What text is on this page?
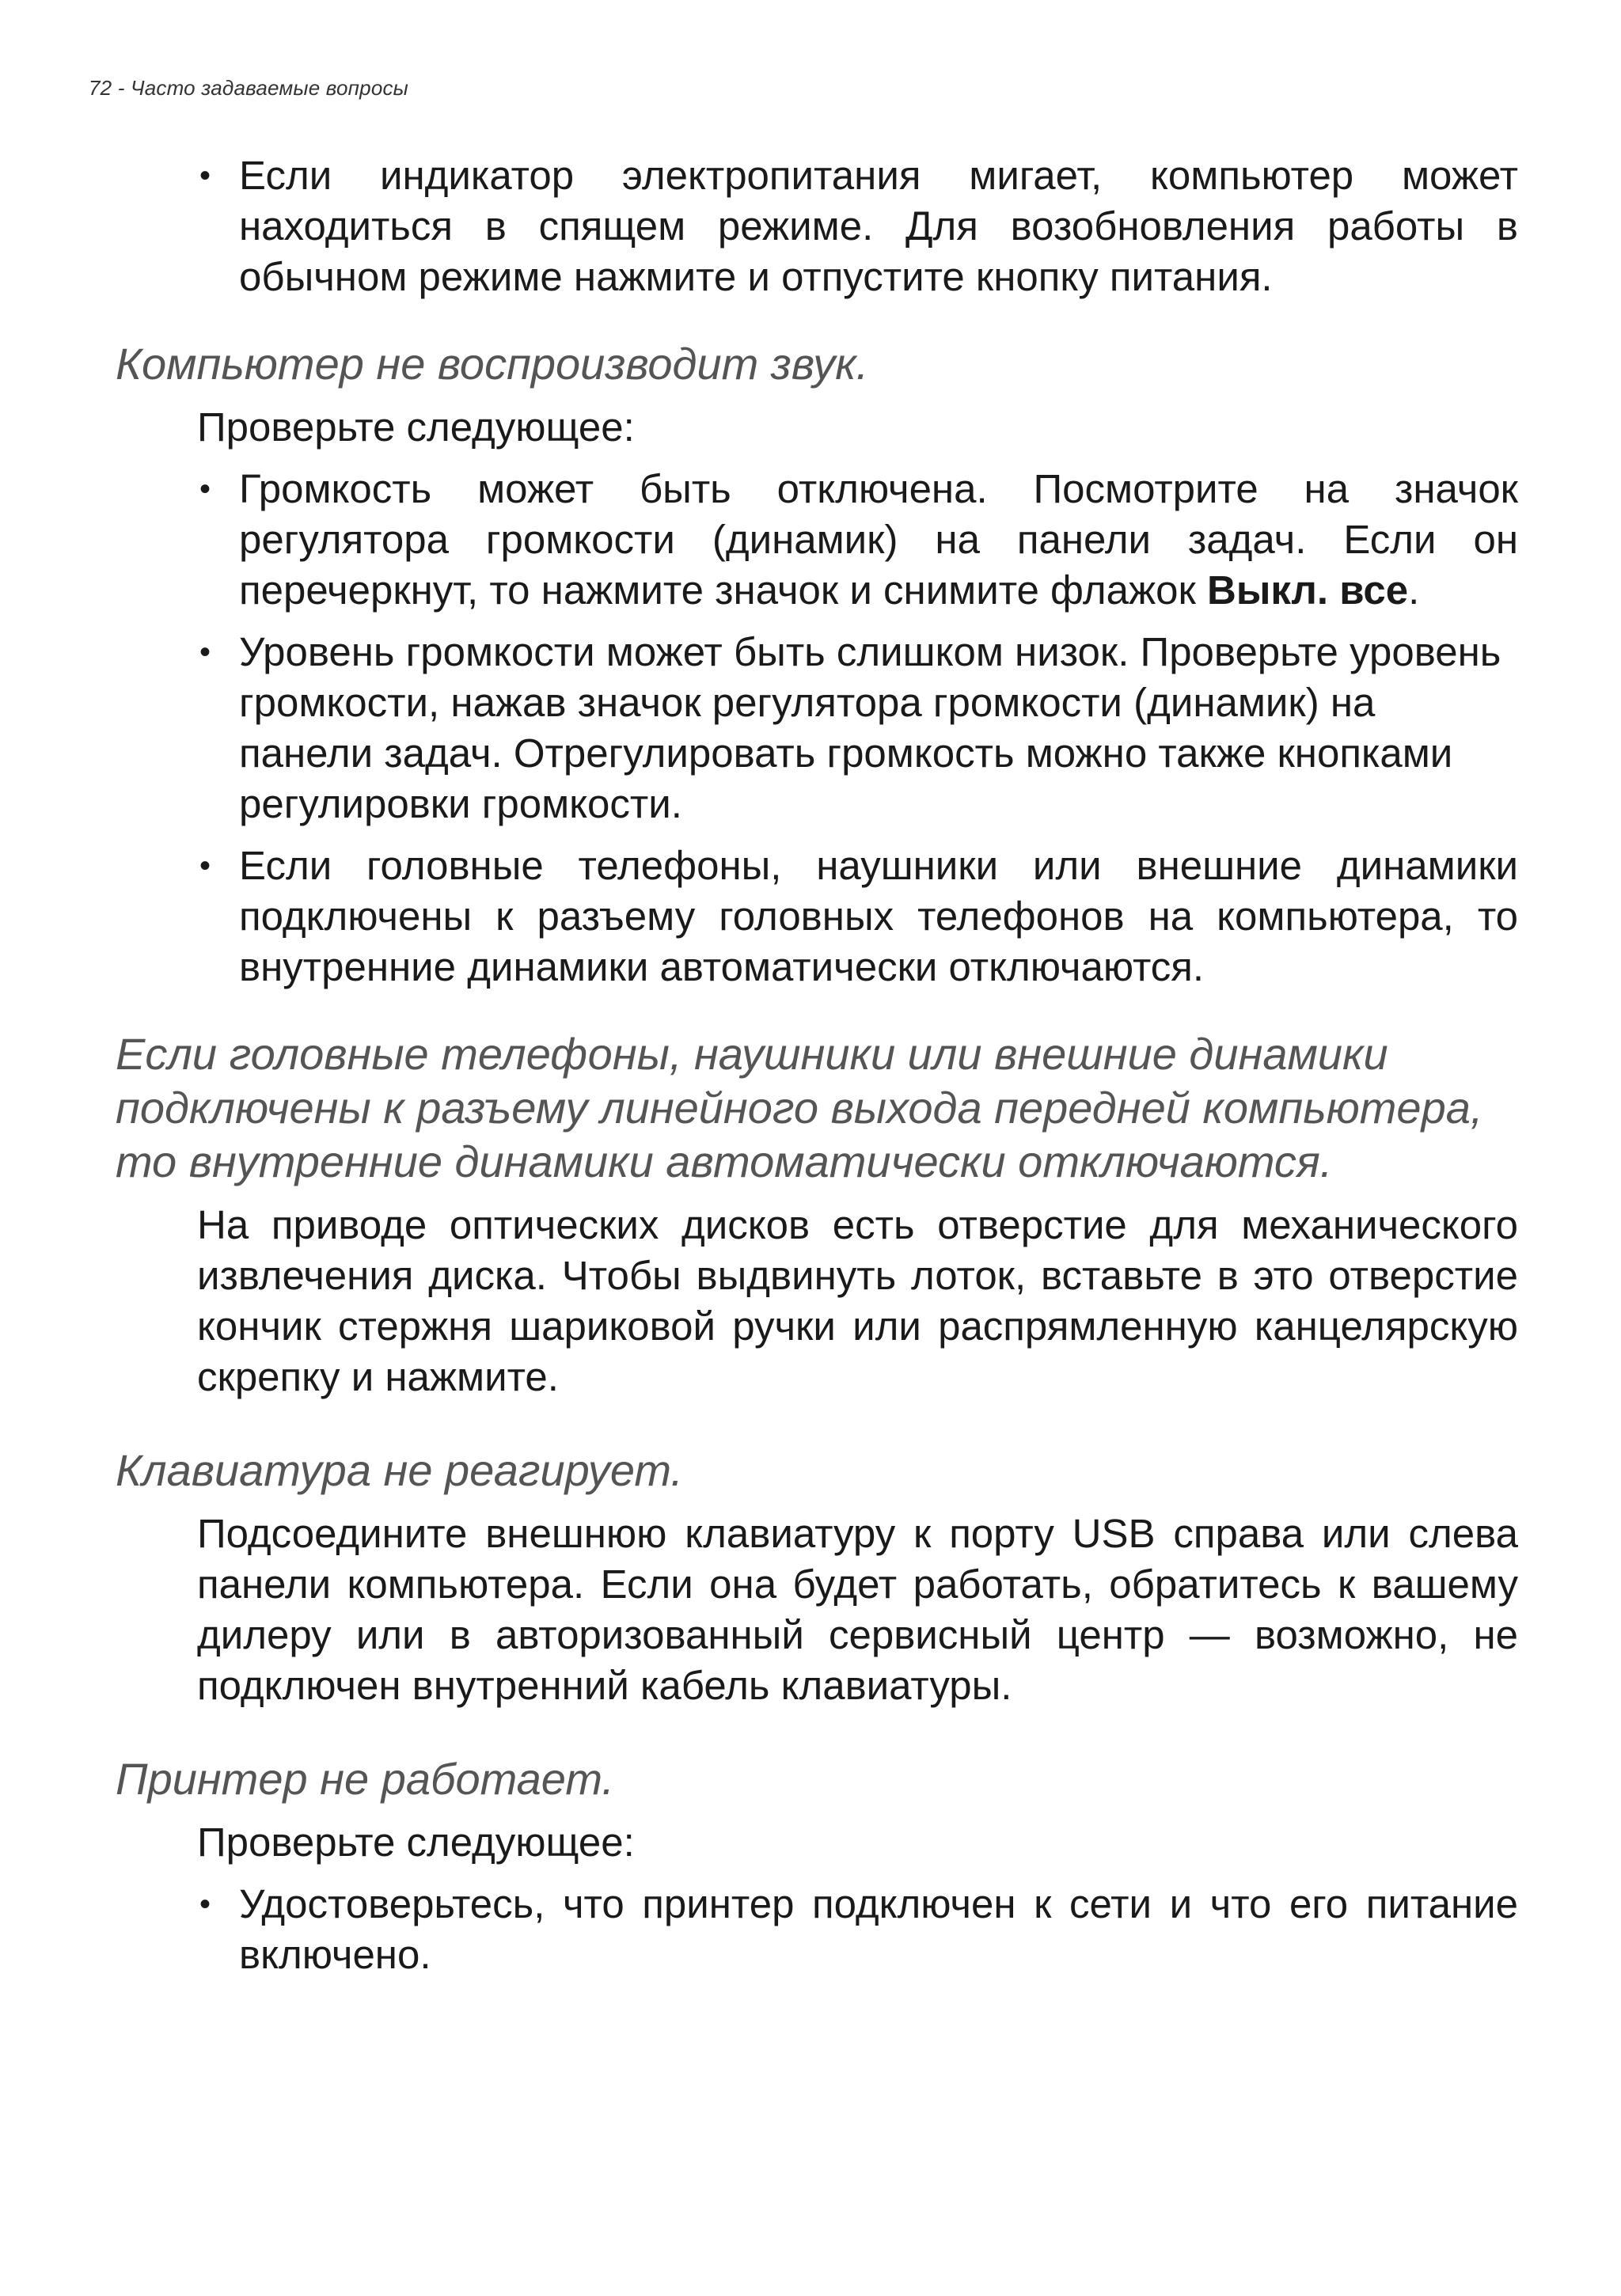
72 - Часто задаваемые вопросы
• Если индикатор электропитания мигает, компьютер может находиться в спящем режиме. Для возобновления работы в обычном режиме нажмите и отпустите кнопку питания.
Компьютер не воспроизводит звук.

Проверьте следующее:

• Громкость может быть отключена. Посмотрите на значок регулятора громкости (динамик) на панели задач. Если он перечеркнут, то нажмите значок и снимите флажок Выкл. все.
• Уровень громкости может быть слишком низок. Проверьте уровень громкости, нажав значок регулятора громкости (динамик) на панели задач. Отрегулировать громкость можно также кнопками регулировки громкости.
• Если головные телефоны, наушники или внешние динамики подключены к разъему головных телефонов на компьютера, то внутренние динамики автоматически отключаются.
Если головные телефоны, наушники или внешние динамики подключены к разъему линейного выхода передней компьютера, то внутренние динамики автоматически отключаются.

На приводе оптических дисков есть отверстие для механического извлечения диска. Чтобы выдвинуть лоток, вставьте в это отверстие кончик стержня шариковой ручки или распрямленную канцелярскую скрепку и нажмите.

Клавиатура не реагирует.

Подсоедините внешнюю клавиатуру к порту USB справа или слева панели компьютера. Если она будет работать, обратитесь к вашему дилеру или в авторизованный сервисный центр — возможно, не подключен внутренний кабель клавиатуры.

Принтер не работает.

Проверьте следующее:

• Удостоверьтесь, что принтер подключен к сети и что его питание включено.
